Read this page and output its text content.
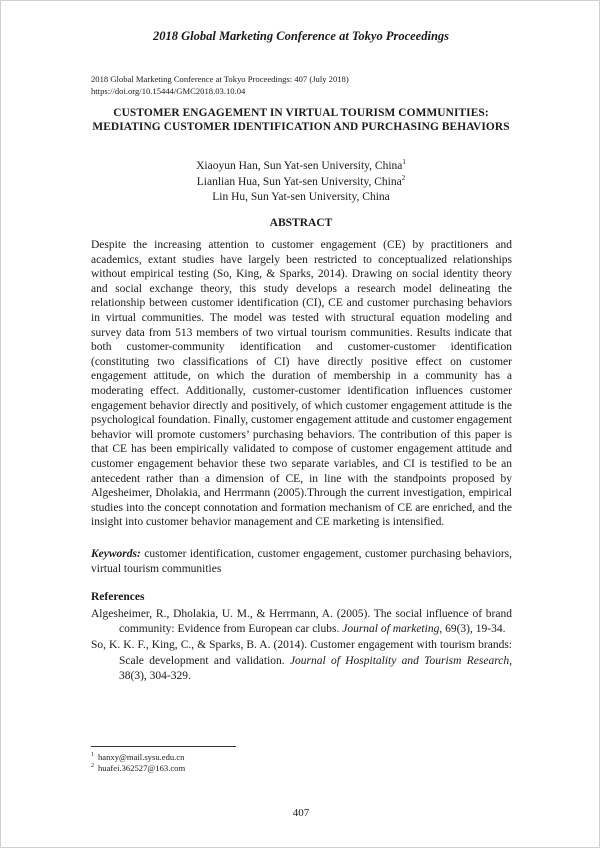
2018 Global Marketing Conference at Tokyo Proceedings
2018 Global Marketing Conference at Tokyo Proceedings: 407 (July 2018)
https://doi.org/10.15444/GMC2018.03.10.04
CUSTOMER ENGAGEMENT IN VIRTUAL TOURISM COMMUNITIES: MEDIATING CUSTOMER IDENTIFICATION AND PURCHASING BEHAVIORS
Xiaoyun Han, Sun Yat-sen University, China$^1$
Lianlian Hua, Sun Yat-sen University, China$^2$
Lin Hu, Sun Yat-sen University, China
ABSTRACT

Despite the increasing attention to customer engagement (CE) by practitioners and academics, extant studies have largely been restricted to conceptualized relationships without empirical testing (So, King, & Sparks, 2014). Drawing on social identity theory and social exchange theory, this study develops a research model delineating the relationship between customer identification (CI), CE and customer purchasing behaviors in virtual communities. The model was tested with structural equation modeling and survey data from 513 members of two virtual tourism communities. Results indicate that both customer-community identification and customer-customer identification (constituting two classifications of CI) have directly positive effect on customer engagement attitude, on which the duration of membership in a community has a moderating effect. Additionally, customer-customer identification influences customer engagement behavior directly and positively, of which customer engagement attitude is the psychological foundation. Finally, customer engagement attitude and customer engagement behavior will promote customers’ purchasing behaviors. The contribution of this paper is that CE has been empirically validated to compose of customer engagement attitude and customer engagement behavior these two separate variables, and CI is testified to be an antecedent rather than a dimension of CE, in line with the standpoints proposed by Algesheimer, Dholakia, and Herrmann (2005).Through the current investigation, empirical studies into the concept connotation and formation mechanism of CE are enriched, and the insight into customer behavior management and CE marketing is intensified.

Keywords: customer identification, customer engagement, customer purchasing behaviors, virtual tourism communities

References
Algesheimer, R., Dholakia, U. M., & Herrmann, A. (2005). The social influence of brand community: Evidence from European car clubs. Journal of marketing, 69(3), 19-34.
So, K. K. F., King, C., & Sparks, B. A. (2014). Customer engagement with tourism brands: Scale development and validation. Journal of Hospitality and Tourism Research, 38(3), 304-329.
$^1$ hanxy@mail.sysu.edu.cn
$^2$ huafei.362527@163.com
407
